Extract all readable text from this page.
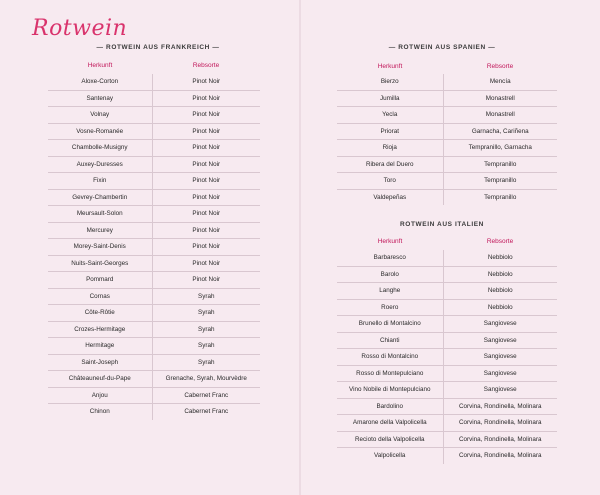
Rotwein
— ROTWEIN AUS FRANKREICH —
Herkunft	Rebsorte
Aloxe-Corton	Pinot Noir
Santenay	Pinot Noir
Volnay	Pinot Noir
Vosne-Romanée	Pinot Noir
Chambolle-Musigny	Pinot Noir
Auxey-Duresses	Pinot Noir
Fixin	Pinot Noir
Gevrey-Chambertin	Pinot Noir
Meursault-Solon	Pinot Noir
Mercurey	Pinot Noir
Morey-Saint-Denis	Pinot Noir
Nuits-Saint-Georges	Pinot Noir
Pommard	Pinot Noir
Cornas	Syrah
Côte-Rôtie	Syrah
Crozes-Hermitage	Syrah
Hermitage	Syrah
Saint-Joseph	Syrah
Châteauneuf-du-Pape	Grenache, Syrah, Mourvèdre
Anjou	Cabernet Franc
Chinon	Cabernet Franc
— ROTWEIN AUS SPANIEN —
Herkunft	Rebsorte
Bierzo	Mencía
Jumilla	Monastrell
Yecla	Monastrell
Priorat	Garnacha, Cariñena
Rioja	Tempranillo, Garnacha
Ribera del Duero	Tempranillo
Toro	Tempranillo
Valdepeñas	Tempranillo
ROTWEIN AUS ITALIEN
Herkunft	Rebsorte
Barbaresco	Nebbiolo
Barolo	Nebbiolo
Langhe	Nebbiolo
Roero	Nebbiolo
Brunello di Montalcino	Sangiovese
Chianti	Sangiovese
Rosso di Montalcino	Sangiovese
Rosso di Montepulciano	Sangiovese
Vino Nobile di Montepulciano	Sangiovese
Bardolino	Corvina, Rondinella, Molinara
Amarone della Valpolicella	Corvina, Rondinella, Molinara
Recioto della Valpolicella	Corvina, Rondinella, Molinara
Valpolicella	Corvina, Rondinella, Molinara
